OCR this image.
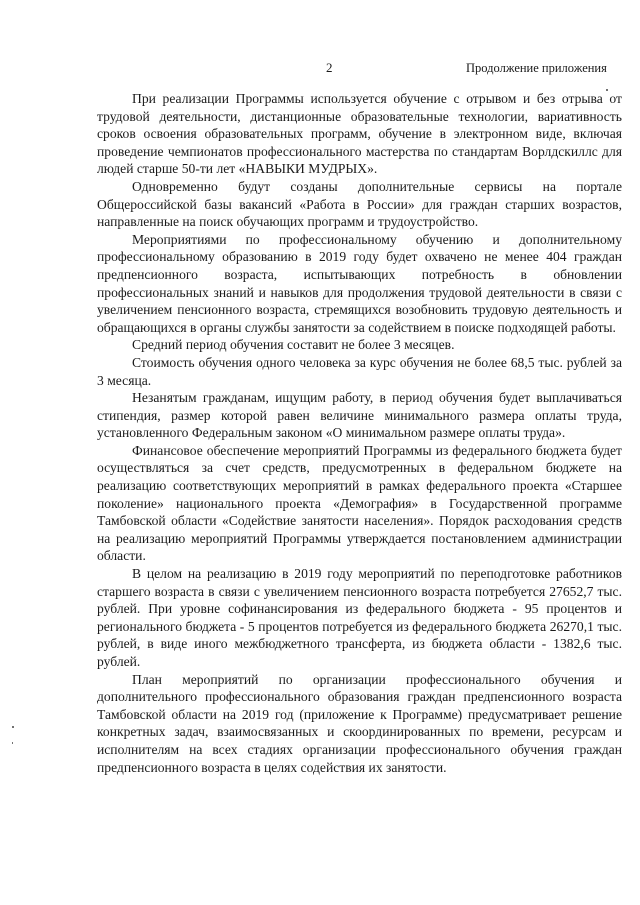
2	Продолжение приложения

При реализации Программы используется обучение с отрывом и без отрыва от трудовой деятельности, дистанционные образовательные технологии, вариативность сроков освоения образовательных программ, обучение в электронном виде, включая проведение чемпионатов профессионального мастерства по стандартам Ворлдскиллс для людей старше 50-ти лет «НАВЫКИ МУДРЫХ».

Одновременно будут созданы дополнительные сервисы на портале Общероссийской базы вакансий «Работа в России» для граждан старших возрастов, направленные на поиск обучающих программ и трудоустройство.

Мероприятиями по профессиональному обучению и дополнительному профессиональному образованию в 2019 году будет охвачено не менее 404 граждан предпенсионного возраста, испытывающих потребность в обновлении профессиональных знаний и навыков для продолжения трудовой деятельности в связи с увеличением пенсионного возраста, стремящихся возобновить трудовую деятельность и обращающихся в органы службы занятости за содействием в поиске подходящей работы.

Средний период обучения составит не более 3 месяцев.

Стоимость обучения одного человека за курс обучения не более 68,5 тыс. рублей за 3 месяца.

Незанятым гражданам, ищущим работу, в период обучения будет выплачиваться стипендия, размер которой равен величине минимального размера оплаты труда, установленного Федеральным законом «О минимальном размере оплаты труда».

Финансовое обеспечение мероприятий Программы из федерального бюджета будет осуществляться за счет средств, предусмотренных в федеральном бюджете на реализацию соответствующих мероприятий в рамках федерального проекта «Старшее поколение» национального проекта «Демография» в Государственной программе Тамбовской области «Содействие занятости населения». Порядок расходования средств на реализацию мероприятий Программы утверждается постановлением администрации области.

В целом на реализацию в 2019 году мероприятий по переподготовке работников старшего возраста в связи с увеличением пенсионного возраста потребуется 27652,7 тыс. рублей. При уровне софинансирования из федерального бюджета - 95 процентов и регионального бюджета - 5 процентов потребуется из федерального бюджета 26270,1 тыс. рублей, в виде иного межбюджетного трансферта, из бюджета области - 1382,6 тыс. рублей.

План мероприятий по организации профессионального обучения и дополнительного профессионального образования граждан предпенсионного возраста Тамбовской области на 2019 год (приложение к Программе) предусматривает решение конкретных задач, взаимосвязанных и скоординированных по времени, ресурсам и исполнителям на всех стадиях организации профессионального обучения граждан предпенсионного возраста в целях содействия их занятости.
